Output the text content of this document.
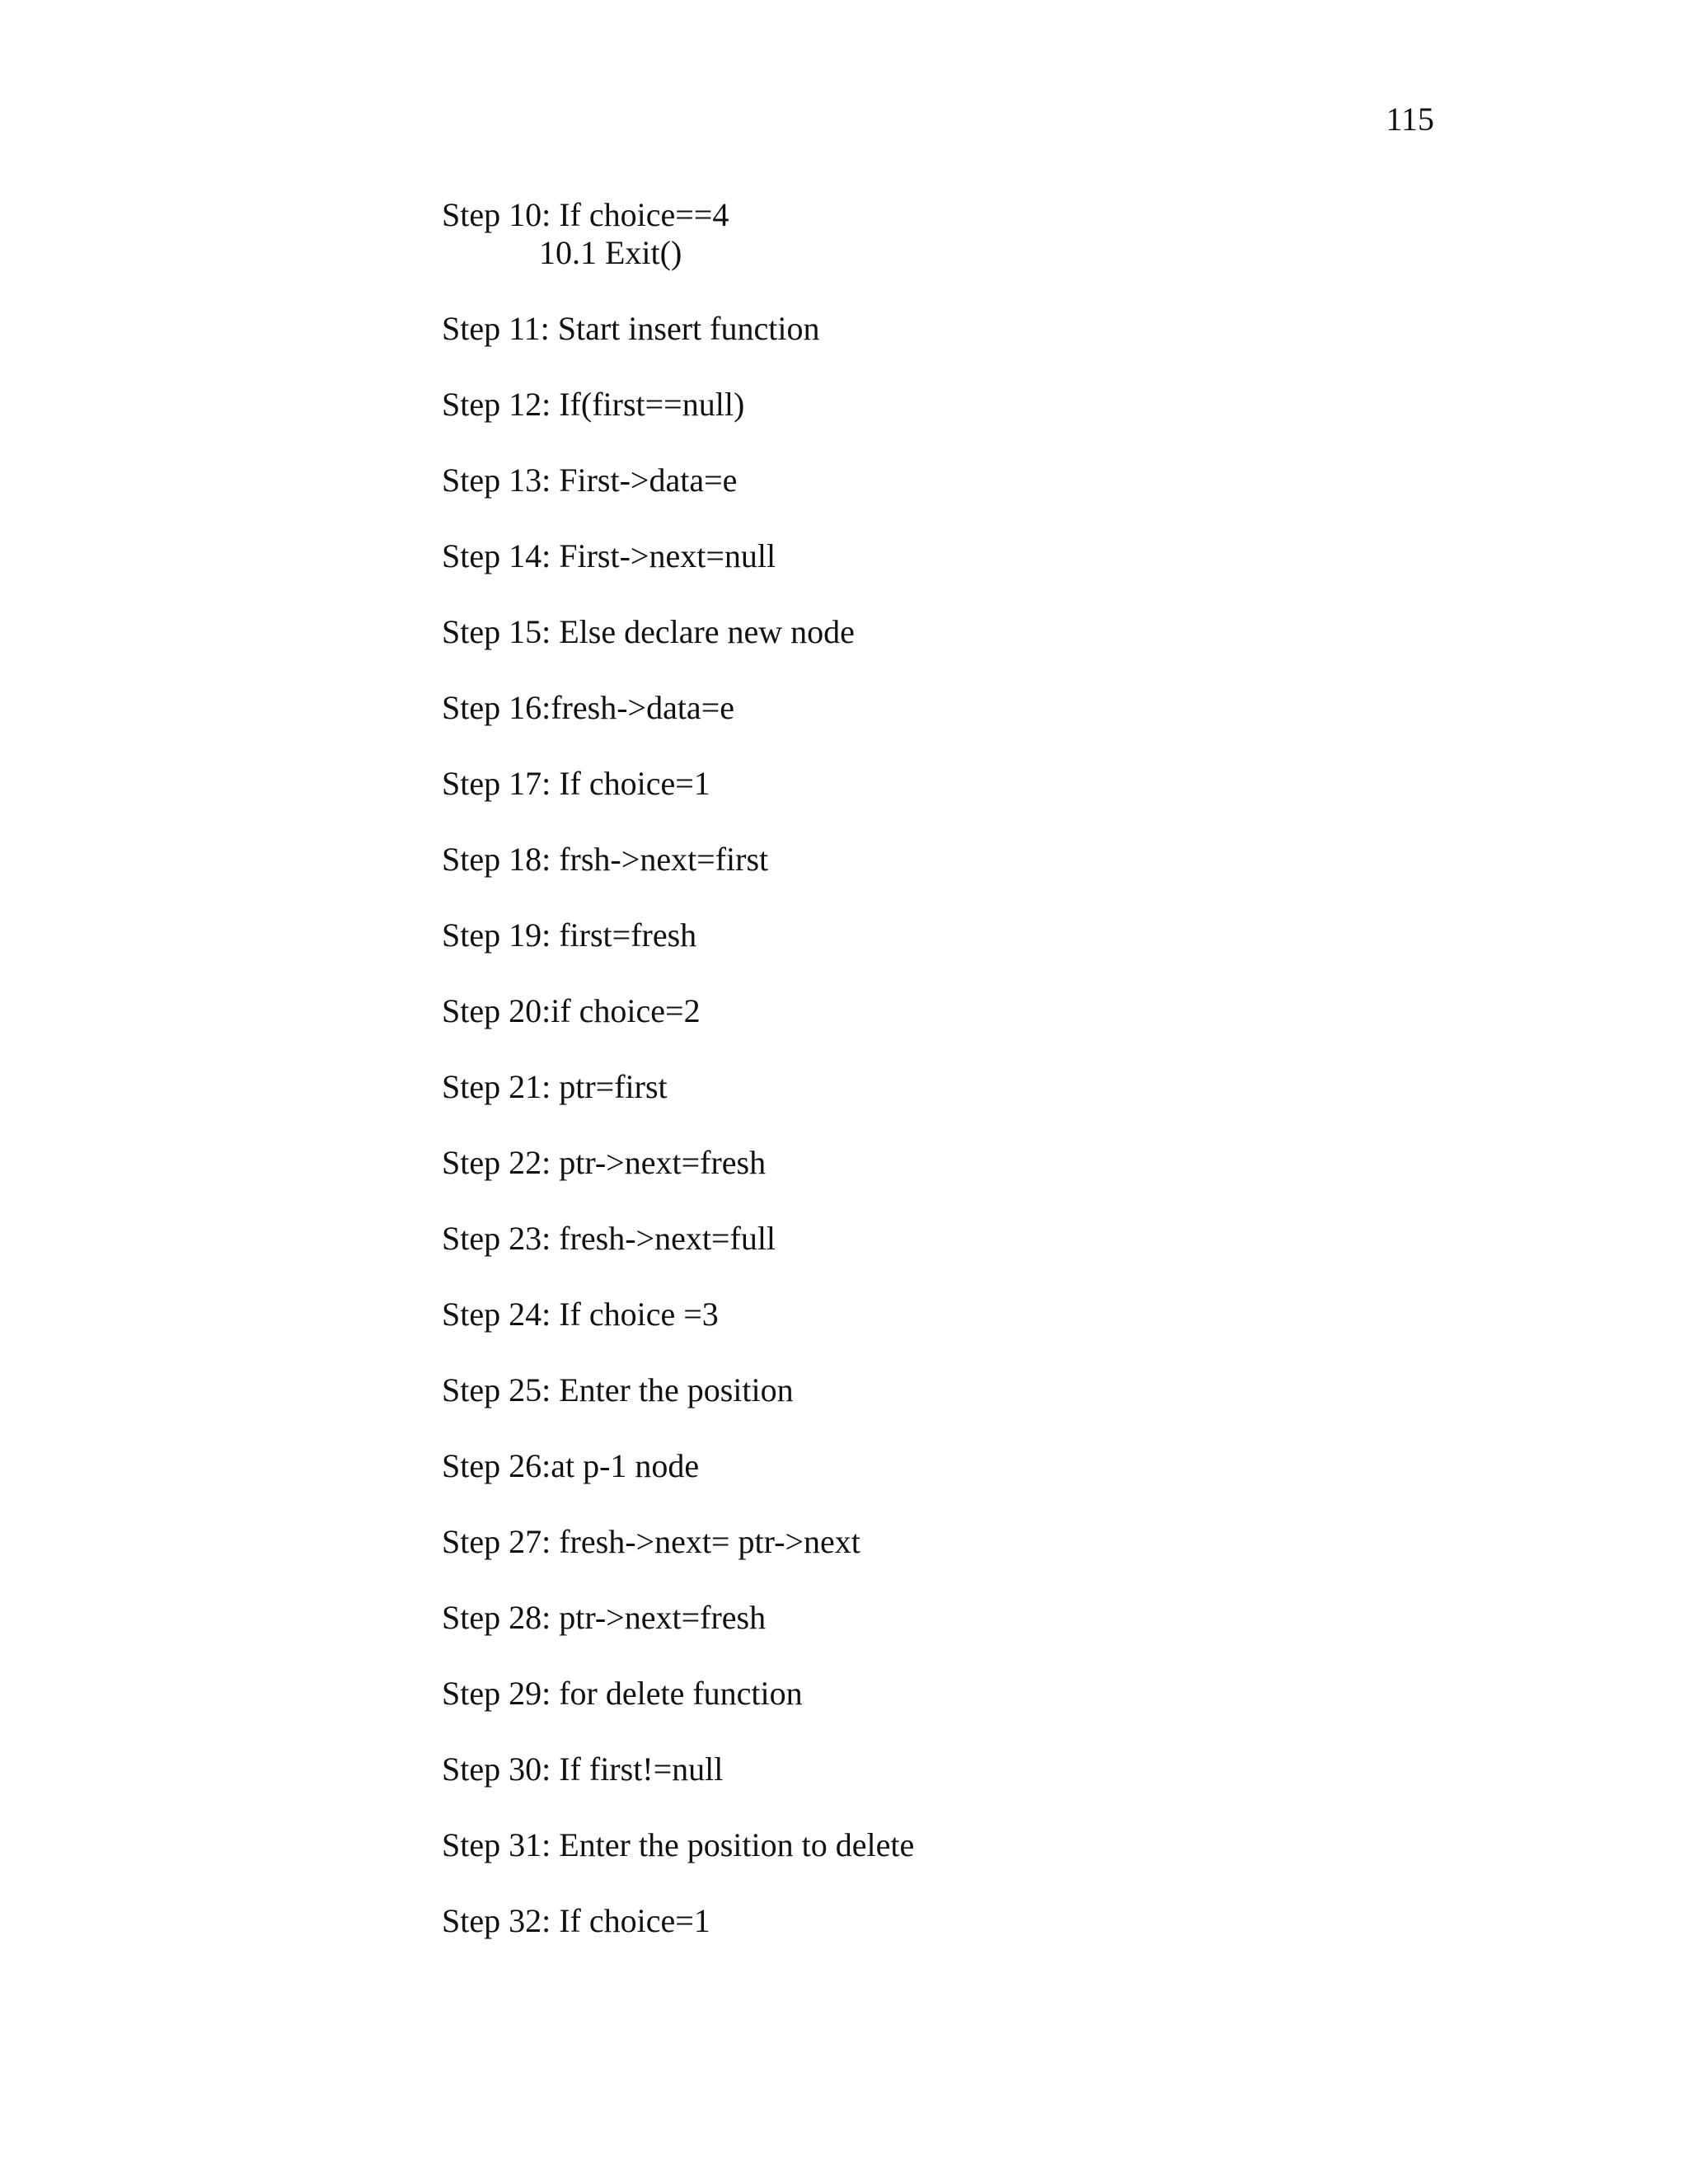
115
Step 10: If choice==4
10.1 Exit()
Step 11: Start insert function
Step 12: If(first==null)
Step 13: First->data=e
Step 14: First->next=null
Step 15: Else declare new node
Step 16:fresh->data=e
Step 17: If choice=1
Step 18: frsh->next=first
Step 19: first=fresh
Step 20:if choice=2
Step 21: ptr=first
Step 22: ptr->next=fresh
Step 23: fresh->next=full
Step 24: If choice =3
Step 25: Enter the position
Step 26:at p-1 node
Step 27: fresh->next= ptr->next
Step 28: ptr->next=fresh
Step 29: for delete function
Step 30: If first!=null
Step 31: Enter the position to delete
Step 32: If choice=1
